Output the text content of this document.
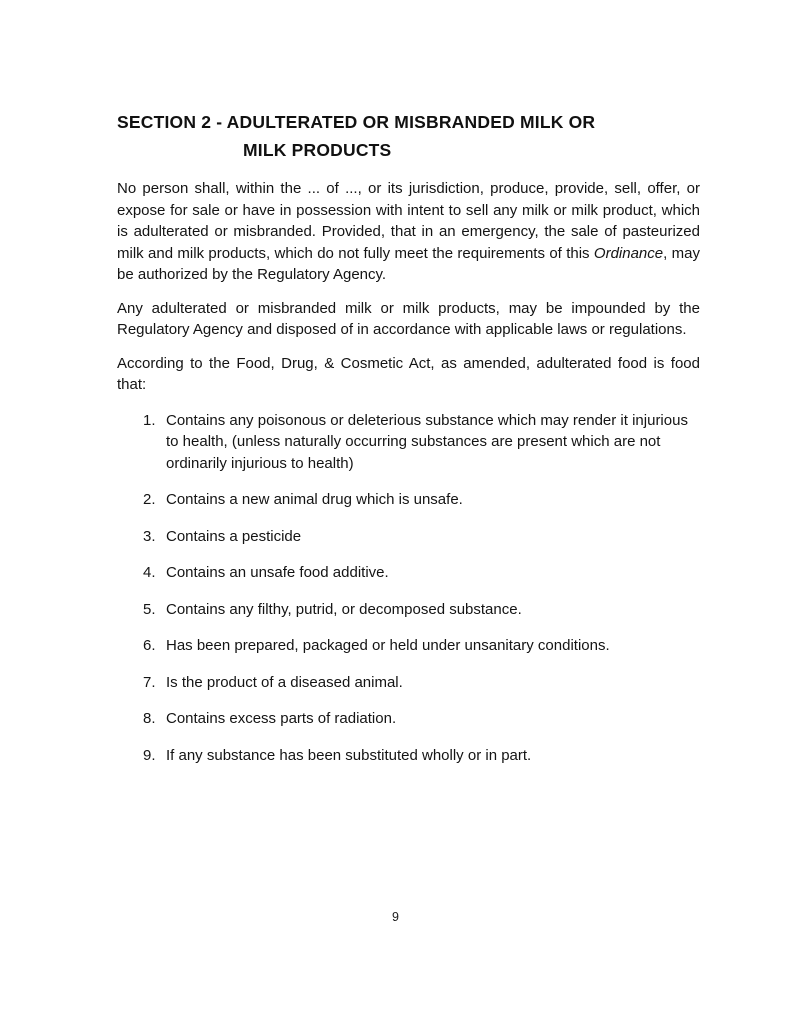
SECTION 2 - ADULTERATED OR MISBRANDED MILK OR
MILK PRODUCTS

No person shall, within the ... of ..., or its jurisdiction, produce, provide, sell, offer, or expose for sale or have in possession with intent to sell any milk or milk product, which is adulterated or misbranded. Provided, that in an emergency, the sale of pasteurized milk and milk products, which do not fully meet the requirements of this Ordinance, may be authorized by the Regulatory Agency.

Any adulterated or misbranded milk or milk products, may be impounded by the Regulatory Agency and disposed of in accordance with applicable laws or regulations.

According to the Food, Drug, & Cosmetic Act, as amended, adulterated food is food that:

1. Contains any poisonous or deleterious substance which may render it injurious to health, (unless naturally occurring substances are present which are not ordinarily injurious to health)
2. Contains a new animal drug which is unsafe.
3. Contains a pesticide
4. Contains an unsafe food additive.
5. Contains any filthy, putrid, or decomposed substance.
6. Has been prepared, packaged or held under unsanitary conditions.
7. Is the product of a diseased animal.
8. Contains excess parts of radiation.
9. If any substance has been substituted wholly or in part.
9
